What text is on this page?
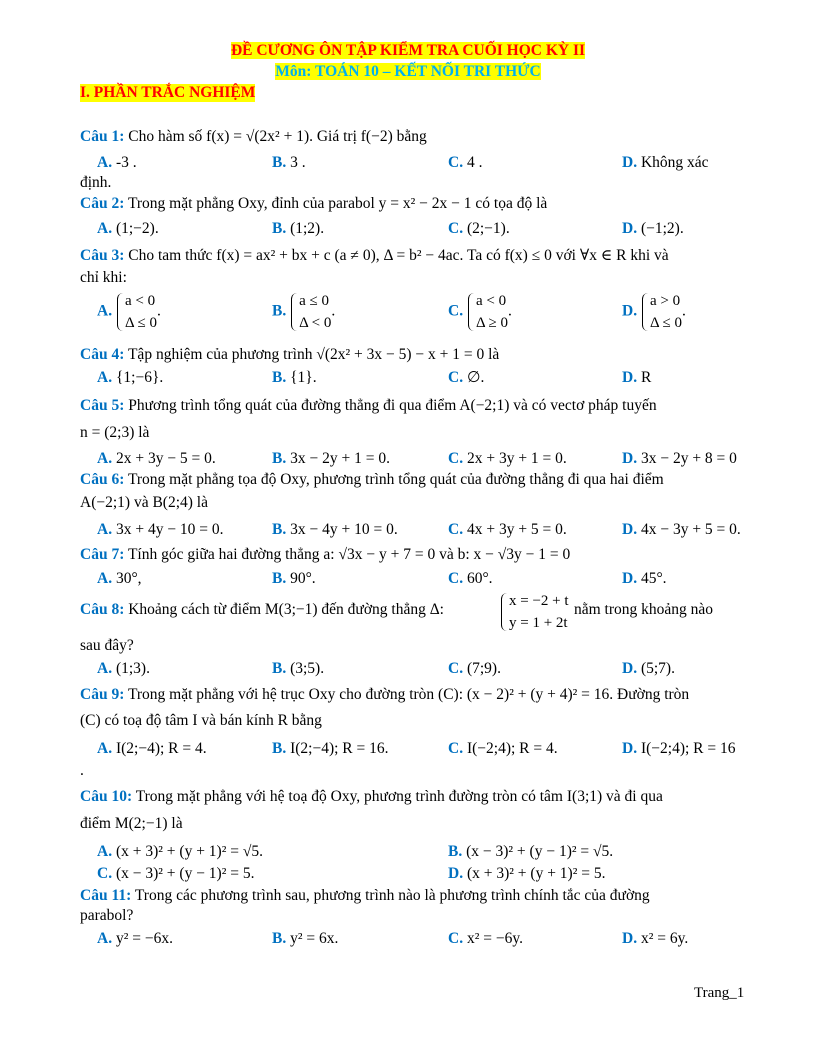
ĐỀ CƯƠNG ÔN TẬP KIỂM TRA CUỐI HỌC KỲ II
Môn: TOÁN 10 – KẾT NỐI TRI THỨC
I. PHẦN TRẮC NGHIỆM
Câu 1: Cho hàm số f(x) = √(2x² + 1). Giá trị f(−2) bằng
A. -3 .	B. 3 .	C. 4 .	D. Không xác
định.
Câu 2: Trong mặt phẳng Oxy, đỉnh của parabol y = x² − 2x − 1 có tọa độ là
A. (1;−2).	B. (1;2).	C. (2;−1).	D. (−1;2).
Câu 3: Cho tam thức f(x) = ax² + bx + c (a ≠ 0), Δ = b² − 4ac. Ta có f(x) ≤ 0 với ∀x ∈ R khi và
chỉ khi:
A.
a < 0
Δ ≤ 0
.	B.
a ≤ 0
Δ < 0
.	C.
a < 0
Δ ≥ 0
.	D.
a > 0
Δ ≤ 0
.
Câu 4: Tập nghiệm của phương trình √(2x² + 3x − 5) − x + 1 = 0 là
A. {1;−6}.	B. {1}.	C. ∅.	D. R
Câu 5: Phương trình tổng quát của đường thẳng đi qua điểm A(−2;1) và có vectơ pháp tuyến
n = (2;3) là
A. 2x + 3y − 5 = 0.	B. 3x − 2y + 1 = 0.	C. 2x + 3y + 1 = 0.	D. 3x − 2y + 8 = 0
Câu 6: Trong mặt phẳng tọa độ Oxy, phương trình tổng quát của đường thẳng đi qua hai điểm
A(−2;1) và B(2;4) là
A. 3x + 4y − 10 = 0.	B. 3x − 4y + 10 = 0.	C. 4x + 3y + 5 = 0.	D. 4x − 3y + 5 = 0.
Câu 7: Tính góc giữa hai đường thẳng a: √3x − y + 7 = 0 và b: x − √3y − 1 = 0
A. 30°,	B. 90°.	C. 60°.	D. 45°.
Câu 8: Khoảng cách từ điểm M(3;−1) đến đường thẳng Δ:	x = −2 + t
y = 1 + 2t
nằm trong khoảng nào
sau đây?
A. (1;3).	B. (3;5).	C. (7;9).	D. (5;7).
Câu 9: Trong mặt phẳng với hệ trục Oxy cho đường tròn (C): (x − 2)² + (y + 4)² = 16. Đường tròn
(C) có toạ độ tâm I và bán kính R bằng
A. I(2;−4); R = 4.	B. I(2;−4); R = 16.	C. I(−2;4); R = 4.	D. I(−2;4); R = 16
.
Câu 10: Trong mặt phẳng với hệ toạ độ Oxy, phương trình đường tròn có tâm I(3;1) và đi qua
điểm M(2;−1) là
A. (x + 3)² + (y + 1)² = √5.	B. (x − 3)² + (y − 1)² = √5.
C. (x − 3)² + (y − 1)² = 5.	D. (x + 3)² + (y + 1)² = 5.
Câu 11: Trong các phương trình sau, phương trình nào là phương trình chính tắc của đường
parabol?
A. y² = −6x.	B. y² = 6x.	C. x² = −6y.	D. x² = 6y.
Trang_1
